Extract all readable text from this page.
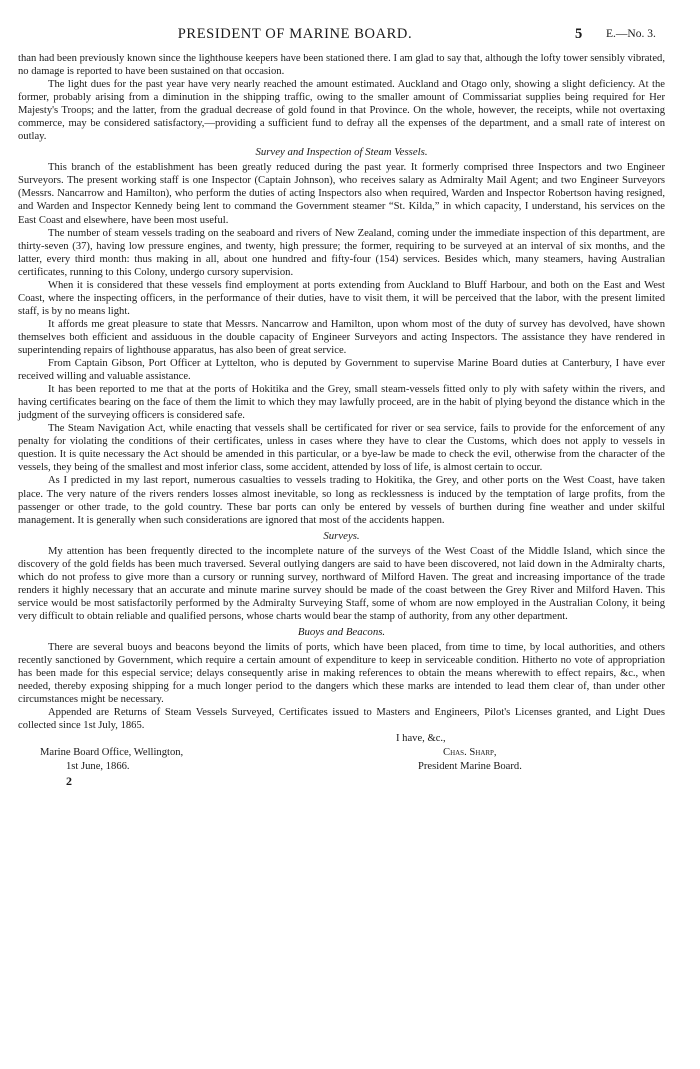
PRESIDENT OF MARINE BOARD.	5 E.—No. 3.

than had been previously known since the lighthouse keepers have been stationed there. I am glad to say that, although the lofty tower sensibly vibrated, no damage is reported to have been sustained on that occasion.

The light dues for the past year have very nearly reached the amount estimated. Auckland and Otago only, showing a slight deficiency. At the former, probably arising from a diminution in the shipping traffic, owing to the smaller amount of Commissariat supplies being required for Her Majesty's Troops; and the latter, from the gradual decrease of gold found in that Province. On the whole, however, the receipts, while not overtaxing commerce, may be considered satisfactory,—providing a sufficient fund to defray all the expenses of the department, and a small rate of interest on outlay.

Survey and Inspection of Steam Vessels.

This branch of the establishment has been greatly reduced during the past year. It formerly comprised three Inspectors and two Engineer Surveyors. The present working staff is one Inspector (Captain Johnson), who receives salary as Admiralty Mail Agent; and two Engineer Surveyors (Messrs. Nancarrow and Hamilton), who perform the duties of acting Inspectors also when required, Warden and Inspector Robertson having resigned, and Warden and Inspector Kennedy being lent to command the Government steamer “St. Kilda,” in which capacity, I understand, his services on the East Coast and elsewhere, have been most useful.

The number of steam vessels trading on the seaboard and rivers of New Zealand, coming under the immediate inspection of this department, are thirty-seven (37), having low pressure engines, and twenty, high pressure; the former, requiring to be surveyed at an interval of six months, and the latter, every third month: thus making in all, about one hundred and fifty-four (154) services. Besides which, many steamers, having Australian certificates, running to this Colony, undergo cursory supervision.

When it is considered that these vessels find employment at ports extending from Auckland to Bluff Harbour, and both on the East and West Coast, where the inspecting officers, in the performance of their duties, have to visit them, it will be perceived that the labor, with the present limited staff, is by no means light.

It affords me great pleasure to state that Messrs. Nancarrow and Hamilton, upon whom most of the duty of survey has devolved, have shown themselves both efficient and assiduous in the double capacity of Engineer Surveyors and acting Inspectors. The assistance they have rendered in superintending repairs of lighthouse apparatus, has also been of great service.

From Captain Gibson, Port Officer at Lyttelton, who is deputed by Government to supervise Marine Board duties at Canterbury, I have ever received willing and valuable assistance.

It has been reported to me that at the ports of Hokitika and the Grey, small steam-vessels fitted only to ply with safety within the rivers, and having certificates bearing on the face of them the limit to which they may lawfully proceed, are in the habit of plying beyond the distance which in the judgment of the surveying officers is considered safe.

The Steam Navigation Act, while enacting that vessels shall be certificated for river or sea service, fails to provide for the enforcement of any penalty for violating the conditions of their certificates, unless in cases where they have to clear the Customs, which does not apply to vessels in question. It is quite necessary the Act should be amended in this particular, or a bye-law be made to check the evil, otherwise from the character of the vessels, they being of the smallest and most inferior class, some accident, attended by loss of life, is almost certain to occur.

As I predicted in my last report, numerous casualties to vessels trading to Hokitika, the Grey, and other ports on the West Coast, have taken place. The very nature of the rivers renders losses almost inevitable, so long as recklessness is induced by the temptation of large profits, from the passenger or other trade, to the gold country. These bar ports can only be entered by vessels of burthen during fine weather and under skilful management. It is generally when such considerations are ignored that most of the accidents happen.

Surveys.

My attention has been frequently directed to the incomplete nature of the surveys of the West Coast of the Middle Island, which since the discovery of the gold fields has been much traversed. Several outlying dangers are said to have been discovered, not laid down in the Admiralty charts, which do not profess to give more than a cursory or running survey, northward of Milford Haven. The great and increasing importance of the trade renders it highly necessary that an accurate and minute marine survey should be made of the coast between the Grey River and Milford Haven. This service would be most satisfactorily performed by the Admiralty Surveying Staff, some of whom are now employed in the Australian Colony, it being very difficult to obtain reliable and qualified persons, whose charts would bear the stamp of authority, from any other department.

Buoys and Beacons.

There are several buoys and beacons beyond the limits of ports, which have been placed, from time to time, by local authorities, and others recently sanctioned by Government, which require a certain amount of expenditure to keep in serviceable condition. Hitherto no vote of appropriation has been made for this especial service; delays consequently arise in making references to obtain the means wherewith to effect repairs, &c., when needed, thereby exposing shipping for a much longer period to the dangers which these marks are intended to lead them clear of, than under other circumstances might be necessary.

Appended are Returns of Steam Vessels Surveyed, Certificates issued to Masters and Engineers, Pilot's Licenses granted, and Light Dues collected since 1st July, 1865.

I have, &c.,
Marine Board Office, Wellington,	Chas. Sharp,
1st June, 1866.	President Marine Board.
2
